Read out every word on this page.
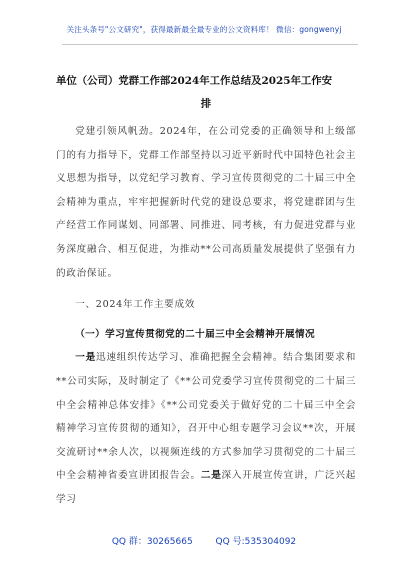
关注头条号"公文研究"，获得最新最全最专业的公文资料库！ 微信：gongwenyj
单位（公司）党群工作部2024年工作总结及2025年工作安
排

党建引领风帆劲。2024年，在公司党委的正确领导和上级部门的有力指导下，党群工作部坚持以习近平新时代中国特色社会主义思想为指导，以党纪学习教育、学习宣传贯彻党的二十届三中全会精神为重点，牢牢把握新时代党的建设总要求，将党建群团与生产经营工作同谋划、同部署、同推进、同考核，有力促进党群与业务深度融合、相互促进，为推动**公司高质量发展提供了坚强有力的政治保证。

一、2024年工作主要成效

（一）学习宣传贯彻党的二十届三中全会精神开展情况

一是迅速组织传达学习、准确把握全会精神。结合集团要求和**公司实际，及时制定了《**公司党委学习宣传贯彻党的二十届三中全会精神总体安排》《**公司党委关于做好党的二十届三中全会精神学习宣传贯彻的通知》，召开中心组专题学习会议**次，开展交流研讨**余人次，以视频连线的方式参加学习贯彻党的二十届三中全会精神省委宣讲团报告会。二是深入开展宣传宣讲，广泛兴起学习

QQ 群：30265665	QQ 号:535304092
